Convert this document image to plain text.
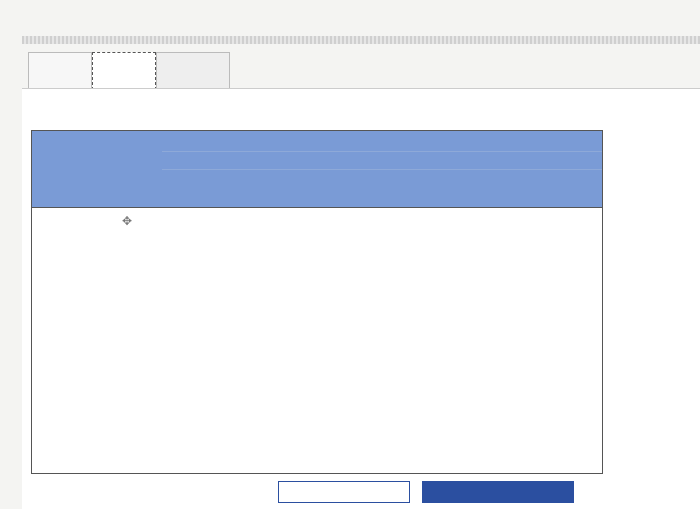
✥
